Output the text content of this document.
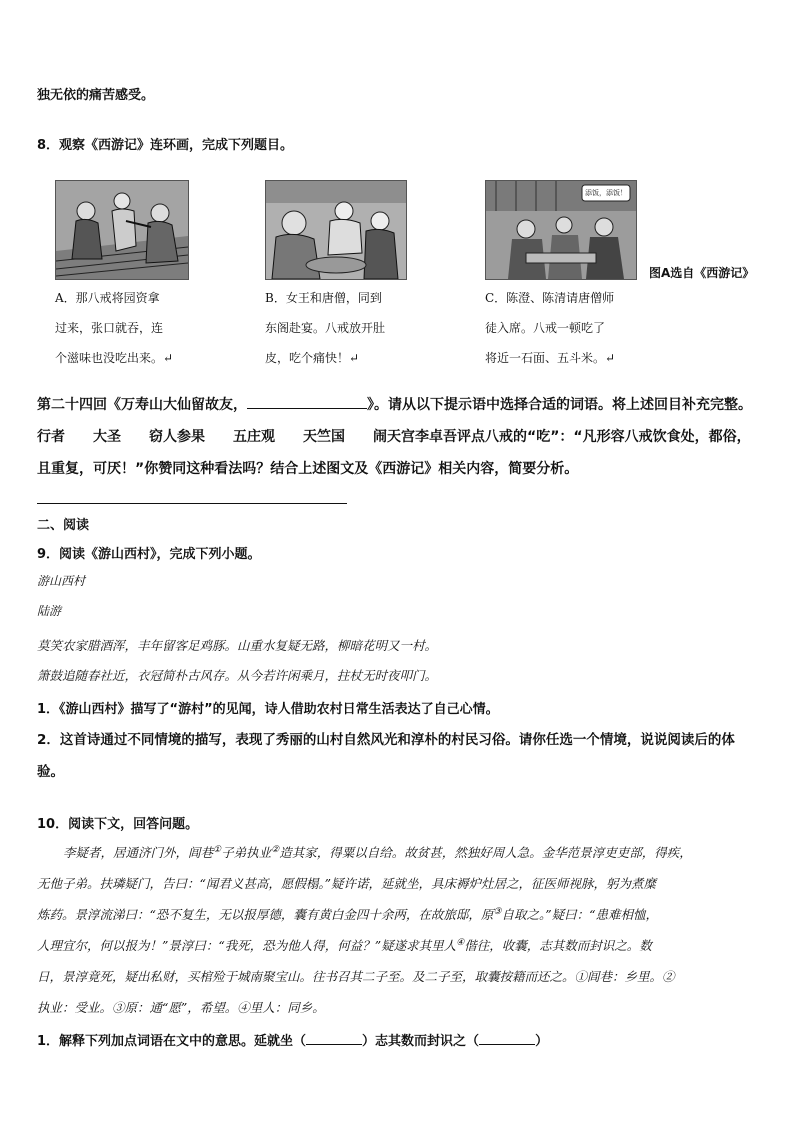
独无依的痛苦感受。
8．观察《西游记》连环画，完成下列题目。
添饭，添饭！
A．那八戒将园资拿
过来，张口就吞，连
个滋味也没吃出来。↵
B．女王和唐僧，同到
东阁赴宴。八戒放开肚
皮，吃个痛快！↵
C．陈澄、陈清请唐僧师
徒入席。八戒一顿吃了
将近一石面、五斗米。↵
图A选自《西游记》
第二十四回《万寿山大仙留故友，	》。请从以下提示语中选择合适的词语。将上述回目补充完整。
行者　　大圣　　窃人参果　　五庄观　　天竺国　　闹天宫李卓吾评点八戒的“吃”：“凡形容八戒饮食处，都俗，
且重复，可厌！”你赞同这种看法吗？结合上述图文及《西游记》相关内容，简要分析。
二、阅读
9．阅读《游山西村》，完成下列小题。
游山西村
陆游
莫笑农家腊酒浑，丰年留客足鸡豚。山重水复疑无路，柳暗花明又一村。
箫鼓追随春社近，衣冠简朴古风存。从今若许闲乘月，拄杖无时夜叩门。
1．《游山西村》描写了“游村”的见闻，诗人借助农村日常生活表达了自己心情。
2．这首诗通过不同情境的描写，表现了秀丽的山村自然风光和淳朴的村民习俗。请你任选一个情境，说说阅读后的体
验。
10．阅读下文，回答问题。
李疑者，居通济门外，闾巷①子弟执业②造其家，得粟以自给。故贫甚，然独好周人急。金华范景淳吏吏部，得疾，
无他子弟。扶璘疑门，告曰：“闻君义甚高，愿假榻。”疑许诺，延就坐，具床褥炉灶居之，征医师视脉，躬为煮糜
炼药。景淳流涕曰：“恐不复生，无以报厚德，囊有黄白金四十余两，在故旅邸，原③自取之。”疑曰：“患难相恤，
人理宜尔，何以报为！”景淳曰：“我死，恐为他人得，何益？”疑遂求其里人④偕往，收囊，志其数而封识之。数
日，景淳竟死，疑出私财，买棺殓于城南聚宝山。往书召其二子至。及二子至，取囊按籍而还之。①闾巷：乡里。②
执业：受业。③原：通“愿”，希望。④里人：同乡。
1．解释下列加点词语在文中的意思。延就坐（	）志其数而封识之（	）
